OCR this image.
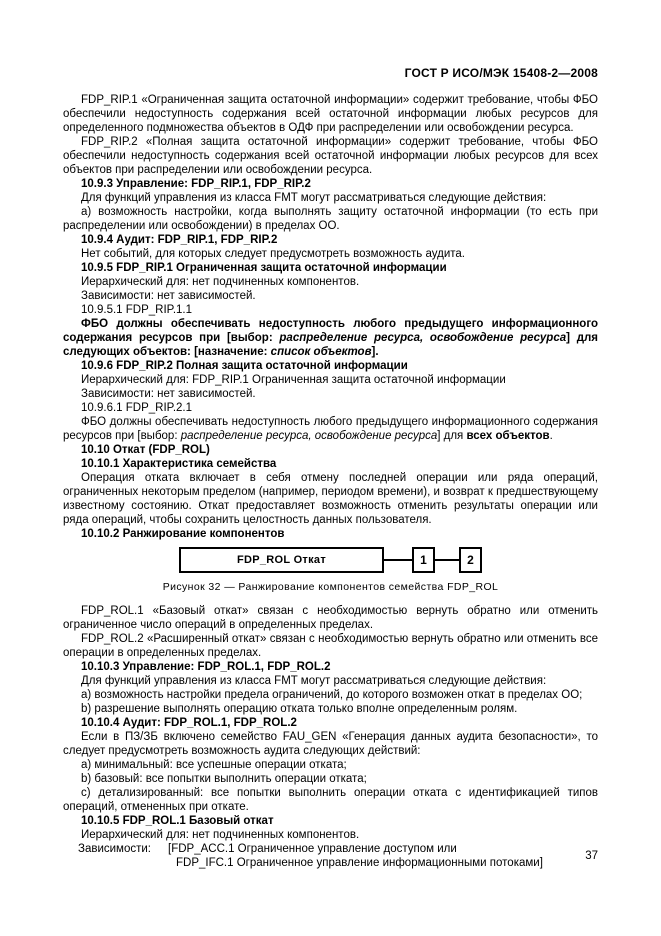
ГОСТ Р ИСО/МЭК 15408-2—2008

FDP_RIP.1 «Ограниченная защита остаточной информации» содержит требование, чтобы ФБО обеспечили недоступность содержания всей остаточной информации любых ресурсов для определенного подмножества объектов в ОДФ при распределении или освобождении ресурса.

FDP_RIP.2 «Полная защита остаточной информации» содержит требование, чтобы ФБО обеспечили недоступность содержания всей остаточной информации любых ресурсов для всех объектов при распределении или освобождении ресурса.

10.9.3 Управление: FDP_RIP.1, FDP_RIP.2

Для функций управления из класса FMT могут рассматриваться следующие действия:

а) возможность настройки, когда выполнять защиту остаточной информации (то есть при распределении или освобождении) в пределах ОО.

10.9.4 Аудит: FDP_RIP.1, FDP_RIP.2

Нет событий, для которых следует предусмотреть возможность аудита.

10.9.5 FDP_RIP.1 Ограниченная защита остаточной информации

Иерархический для: нет подчиненных компонентов.

Зависимости: нет зависимостей.

10.9.5.1 FDP_RIP.1.1

ФБО должны обеспечивать недоступность любого предыдущего информационного содержания ресурсов при [выбор: распределение ресурса, освобождение ресурса] для следующих объектов: [назначение: список объектов].

10.9.6 FDP_RIP.2 Полная защита остаточной информации

Иерархический для: FDP_RIP.1 Ограниченная защита остаточной информации

Зависимости: нет зависимостей.

10.9.6.1 FDP_RIP.2.1

ФБО должны обеспечивать недоступность любого предыдущего информационного содержания ресурсов при [выбор: распределение ресурса, освобождение ресурса] для всех объектов.

10.10 Откат (FDP_ROL)

10.10.1 Характеристика семейства

Операция отката включает в себя отмену последней операции или ряда операций, ограниченных некоторым пределом (например, периодом времени), и возврат к предшествующему известному состоянию. Откат предоставляет возможность отменить результаты операции или ряда операций, чтобы сохранить целостность данных пользователя.

10.10.2 Ранжирование компонентов

FDP_ROL Откат	1	2
Рисунок 32 — Ранжирование компонентов семейства FDP_ROL

FDP_ROL.1 «Базовый откат» связан с необходимостью вернуть обратно или отменить ограниченное число операций в определенных пределах.

FDP_ROL.2 «Расширенный откат» связан с необходимостью вернуть обратно или отменить все операции в определенных пределах.

10.10.3 Управление: FDP_ROL.1, FDP_ROL.2

Для функций управления из класса FMT могут рассматриваться следующие действия:

a) возможность настройки предела ограничений, до которого возможен откат в пределах ОО;

b) разрешение выполнять операцию отката только вполне определенным ролям.

10.10.4 Аудит: FDP_ROL.1, FDP_ROL.2

Если в ПЗ/ЗБ включено семейство FAU_GEN «Генерация данных аудита безопасности», то следует предусмотреть возможность аудита следующих действий:

a) минимальный: все успешные операции отката;

b) базовый: все попытки выполнить операции отката;

c) детализированный: все попытки выполнить операции отката с идентификацией типов операций, отмененных при откате.

10.10.5 FDP_ROL.1 Базовый откат

Иерархический для: нет подчиненных компонентов.

Зависимости:	[FDP_ACC.1 Ограниченное управление доступом или
FDP_IFC.1 Ограниченное управление информационными потоками]
37
